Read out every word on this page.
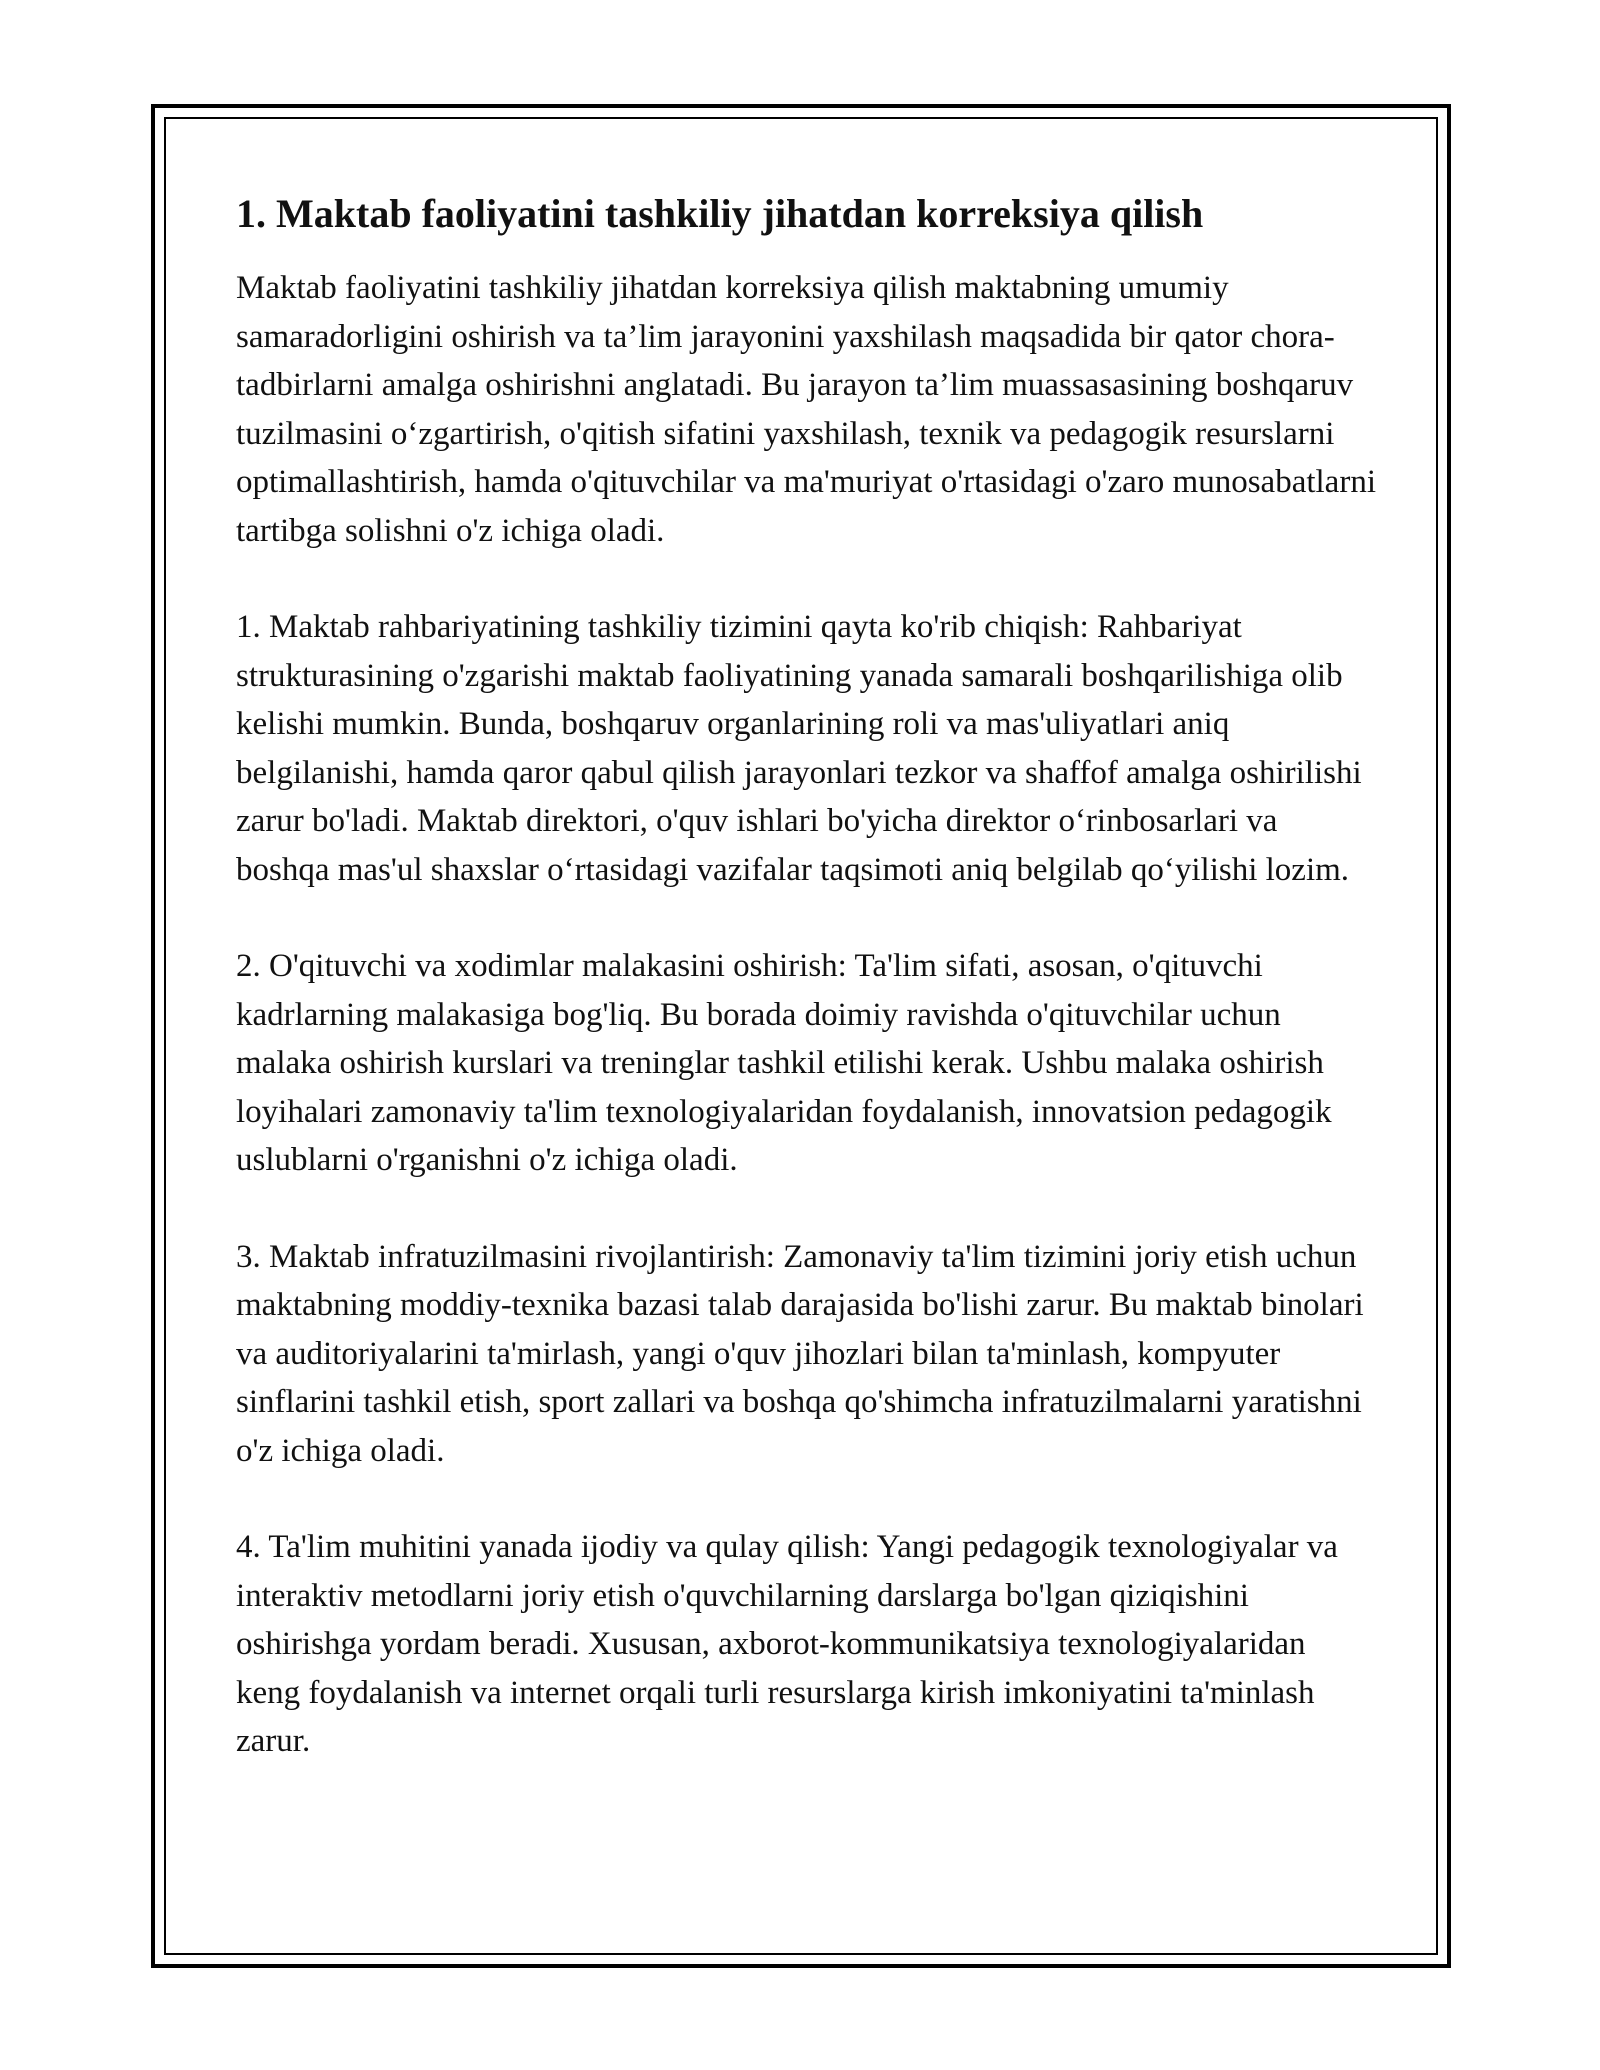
1. Maktab faoliyatini tashkiliy jihatdan korreksiya qilish

Maktab faoliyatini tashkiliy jihatdan korreksiya qilish maktabning umumiy samaradorligini oshirish va ta’lim jarayonini yaxshilash maqsadida bir qator chora-tadbirlarni amalga oshirishni anglatadi. Bu jarayon ta’lim muassasasining boshqaruv tuzilmasini o‘zgartirish, o'qitish sifatini yaxshilash, texnik va pedagogik resurslarni optimallashtirish, hamda o'qituvchilar va ma'muriyat o'rtasidagi o'zaro munosabatlarni tartibga solishni o'z ichiga oladi.

1. Maktab rahbariyatining tashkiliy tizimini qayta ko'rib chiqish: Rahbariyat strukturasining o'zgarishi maktab faoliyatining yanada samarali boshqarilishiga olib kelishi mumkin. Bunda, boshqaruv organlarining roli va mas'uliyatlari aniq belgilanishi, hamda qaror qabul qilish jarayonlari tezkor va shaffof amalga oshirilishi zarur bo'ladi. Maktab direktori, o'quv ishlari bo'yicha direktor o‘rinbosarlari va boshqa mas'ul shaxslar o‘rtasidagi vazifalar taqsimoti aniq belgilab qo‘yilishi lozim.

2. O'qituvchi va xodimlar malakasini oshirish: Ta'lim sifati, asosan, o'qituvchi kadrlarning malakasiga bog'liq. Bu borada doimiy ravishda o'qituvchilar uchun malaka oshirish kurslari va treninglar tashkil etilishi kerak. Ushbu malaka oshirish loyihalari zamonaviy ta'lim texnologiyalaridan foydalanish, innovatsion pedagogik uslublarni o'rganishni o'z ichiga oladi.

3. Maktab infratuzilmasini rivojlantirish: Zamonaviy ta'lim tizimini joriy etish uchun maktabning moddiy-texnika bazasi talab darajasida bo'lishi zarur. Bu maktab binolari va auditoriyalarini ta'mirlash, yangi o'quv jihozlari bilan ta'minlash, kompyuter sinflarini tashkil etish, sport zallari va boshqa qo'shimcha infratuzilmalarni yaratishni o'z ichiga oladi.

4. Ta'lim muhitini yanada ijodiy va qulay qilish: Yangi pedagogik texnologiyalar va interaktiv metodlarni joriy etish o'quvchilarning darslarga bo'lgan qiziqishini oshirishga yordam beradi. Xususan, axborot-kommunikatsiya texnologiyalaridan keng foydalanish va internet orqali turli resurslarga kirish imkoniyatini ta'minlash zarur.
